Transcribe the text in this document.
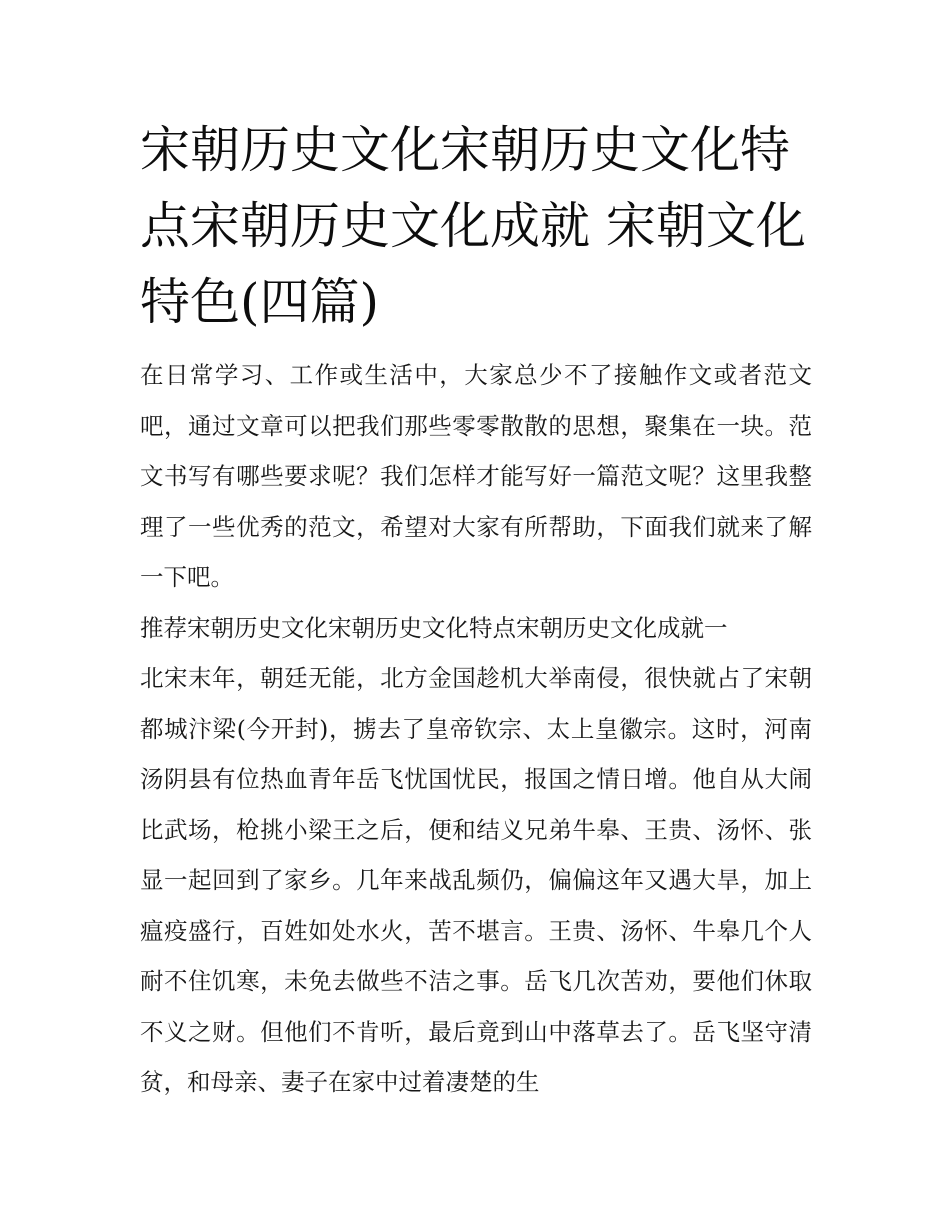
宋朝历史文化宋朝历史文化特点宋朝历史文化成就 宋朝文化特色(四篇)

在日常学习、工作或生活中，大家总少不了接触作文或者范文吧，通过文章可以把我们那些零零散散的思想，聚集在一块。范文书写有哪些要求呢？我们怎样才能写好一篇范文呢？这里我整理了一些优秀的范文，希望对大家有所帮助，下面我们就来了解一下吧。

推荐宋朝历史文化宋朝历史文化特点宋朝历史文化成就一

北宋末年，朝廷无能，北方金国趁机大举南侵，很快就占了宋朝都城汴梁(今开封)，掳去了皇帝钦宗、太上皇徽宗。这时，河南汤阴县有位热血青年岳飞忧国忧民，报国之情日增。他自从大闹比武场，枪挑小梁王之后，便和结义兄弟牛皋、王贵、汤怀、张显一起回到了家乡。几年来战乱频仍，偏偏这年又遇大旱，加上瘟疫盛行，百姓如处水火，苦不堪言。王贵、汤怀、牛皋几个人耐不住饥寒，未免去做些不洁之事。岳飞几次苦劝，要他们休取不义之财。但他们不肯听，最后竟到山中落草去了。岳飞坚守清贫，和母亲、妻子在家中过着凄楚的生
